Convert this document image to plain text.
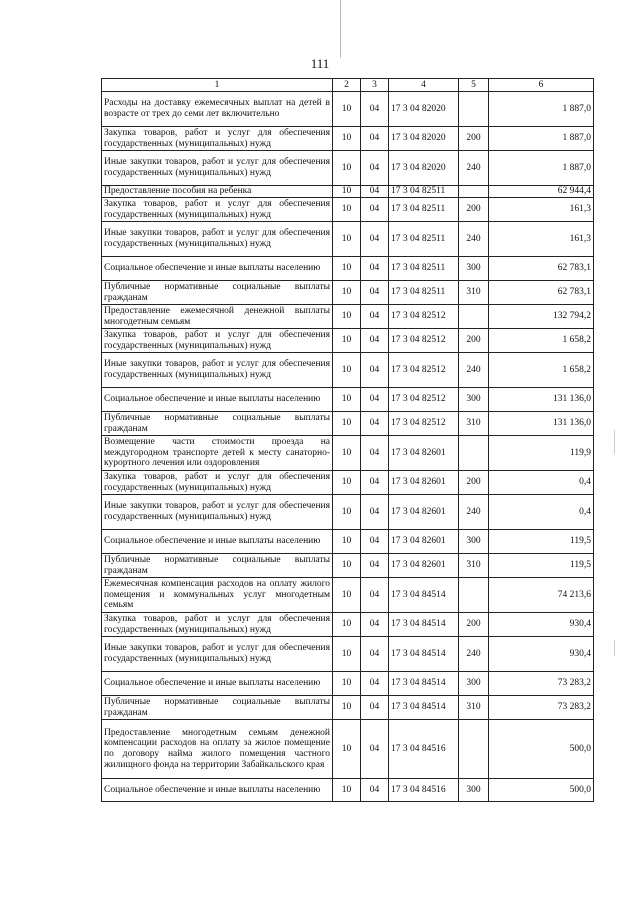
111
1	2	3	4	5	6
Расходы на доставку ежемесячных выплат на детей в возрасте от трех до семи лет включительно	10	04	17 3 04 82020		1 887,0
Закупка товаров, работ и услуг для обеспечения государственных (муниципальных) нужд	10	04	17 3 04 82020	200	1 887,0
Иные закупки товаров, работ и услуг для обеспечения государственных (муниципальных) нужд	10	04	17 3 04 82020	240	1 887,0
Предоставление пособия на ребенка	10	04	17 3 04 82511		62 944,4
Закупка товаров, работ и услуг для обеспечения государственных (муниципальных) нужд	10	04	17 3 04 82511	200	161,3
Иные закупки товаров, работ и услуг для обеспечения государственных (муниципальных) нужд	10	04	17 3 04 82511	240	161,3
Социальное обеспечение и иные выплаты населению	10	04	17 3 04 82511	300	62 783,1
Публичные нормативные социальные выплаты гражданам	10	04	17 3 04 82511	310	62 783,1
Предоставление ежемесячной денежной выплаты многодетным семьям	10	04	17 3 04 82512		132 794,2
Закупка товаров, работ и услуг для обеспечения государственных (муниципальных) нужд	10	04	17 3 04 82512	200	1 658,2
Иные закупки товаров, работ и услуг для обеспечения государственных (муниципальных) нужд	10	04	17 3 04 82512	240	1 658,2
Социальное обеспечение и иные выплаты населению	10	04	17 3 04 82512	300	131 136,0
Публичные нормативные социальные выплаты гражданам	10	04	17 3 04 82512	310	131 136,0
Возмещение части стоимости проезда на междугородном транспорте детей к месту санаторно-курортного лечения или оздоровления	10	04	17 3 04 82601		119,9
Закупка товаров, работ и услуг для обеспечения государственных (муниципальных) нужд	10	04	17 3 04 82601	200	0,4
Иные закупки товаров, работ и услуг для обеспечения государственных (муниципальных) нужд	10	04	17 3 04 82601	240	0,4
Социальное обеспечение и иные выплаты населению	10	04	17 3 04 82601	300	119,5
Публичные нормативные социальные выплаты гражданам	10	04	17 3 04 82601	310	119,5
Ежемесячная компенсация расходов на оплату жилого помещения и коммунальных услуг многодетным семьям	10	04	17 3 04 84514		74 213,6
Закупка товаров, работ и услуг для обеспечения государственных (муниципальных) нужд	10	04	17 3 04 84514	200	930,4
Иные закупки товаров, работ и услуг для обеспечения государственных (муниципальных) нужд	10	04	17 3 04 84514	240	930,4
Социальное обеспечение и иные выплаты населению	10	04	17 3 04 84514	300	73 283,2
Публичные нормативные социальные выплаты гражданам	10	04	17 3 04 84514	310	73 283,2
Предоставление многодетным семьям денежной компенсации расходов на оплату за жилое помещение по договору найма жилого помещения частного жилищного фонда на территории Забайкальского края	10	04	17 3 04 84516		500,0
Социальное обеспечение и иные выплаты населению	10	04	17 3 04 84516	300	500,0
